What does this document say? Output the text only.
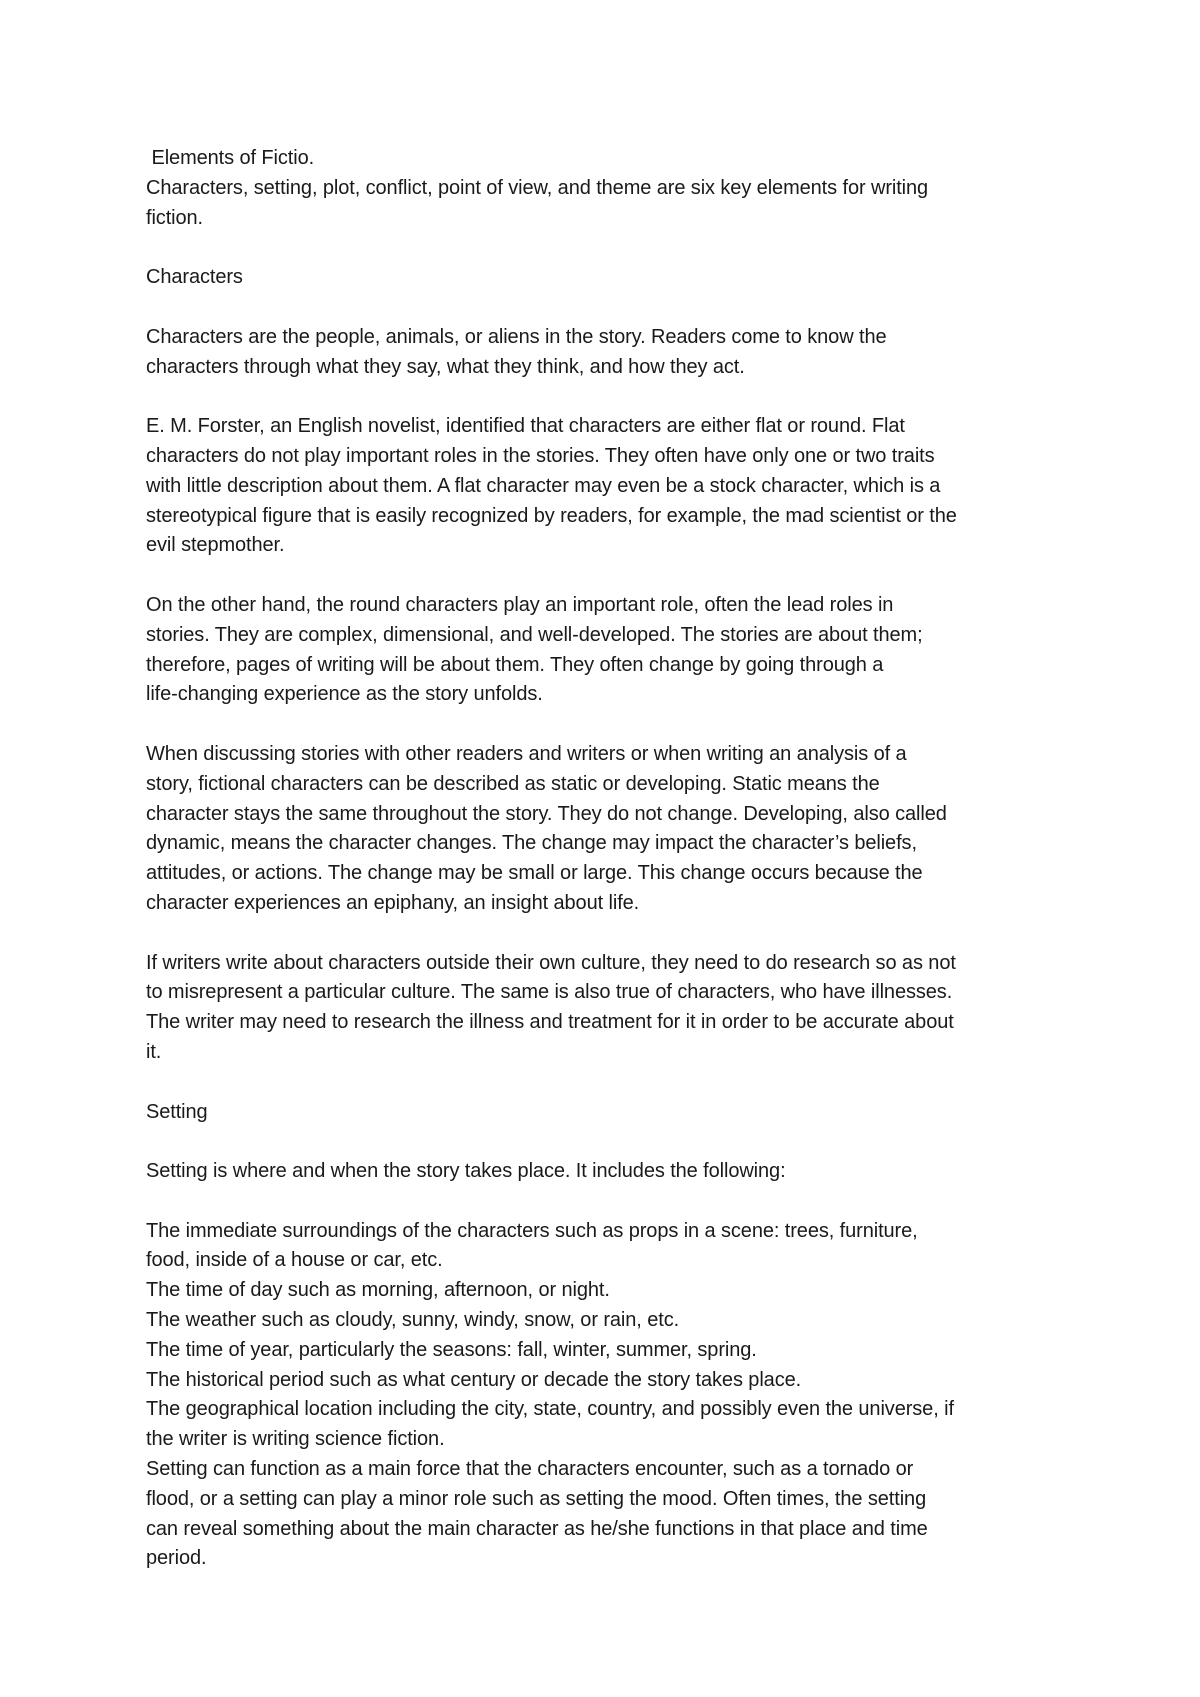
Elements of Fictio.

Characters, setting, plot, conflict, point of view, and theme are six key elements for writing
fiction.

Characters

Characters are the people, animals, or aliens in the story. Readers come to know the
characters through what they say, what they think, and how they act.

E. M. Forster, an English novelist, identified that characters are either flat or round. Flat
characters do not play important roles in the stories. They often have only one or two traits
with little description about them. A flat character may even be a stock character, which is a
stereotypical figure that is easily recognized by readers, for example, the mad scientist or the
evil stepmother.

On the other hand, the round characters play an important role, often the lead roles in
stories. They are complex, dimensional, and well-developed. The stories are about them;
therefore, pages of writing will be about them. They often change by going through a
life-changing experience as the story unfolds.

When discussing stories with other readers and writers or when writing an analysis of a
story, fictional characters can be described as static or developing. Static means the
character stays the same throughout the story. They do not change. Developing, also called
dynamic, means the character changes. The change may impact the character’s beliefs,
attitudes, or actions. The change may be small or large. This change occurs because the
character experiences an epiphany, an insight about life.

If writers write about characters outside their own culture, they need to do research so as not
to misrepresent a particular culture. The same is also true of characters, who have illnesses.
The writer may need to research the illness and treatment for it in order to be accurate about
it.

Setting

Setting is where and when the story takes place. It includes the following:

The immediate surroundings of the characters such as props in a scene: trees, furniture,
food, inside of a house or car, etc.

The time of day such as morning, afternoon, or night.

The weather such as cloudy, sunny, windy, snow, or rain, etc.

The time of year, particularly the seasons: fall, winter, summer, spring.

The historical period such as what century or decade the story takes place.

The geographical location including the city, state, country, and possibly even the universe, if
the writer is writing science fiction.

Setting can function as a main force that the characters encounter, such as a tornado or
flood, or a setting can play a minor role such as setting the mood. Often times, the setting
can reveal something about the main character as he/she functions in that place and time
period.
